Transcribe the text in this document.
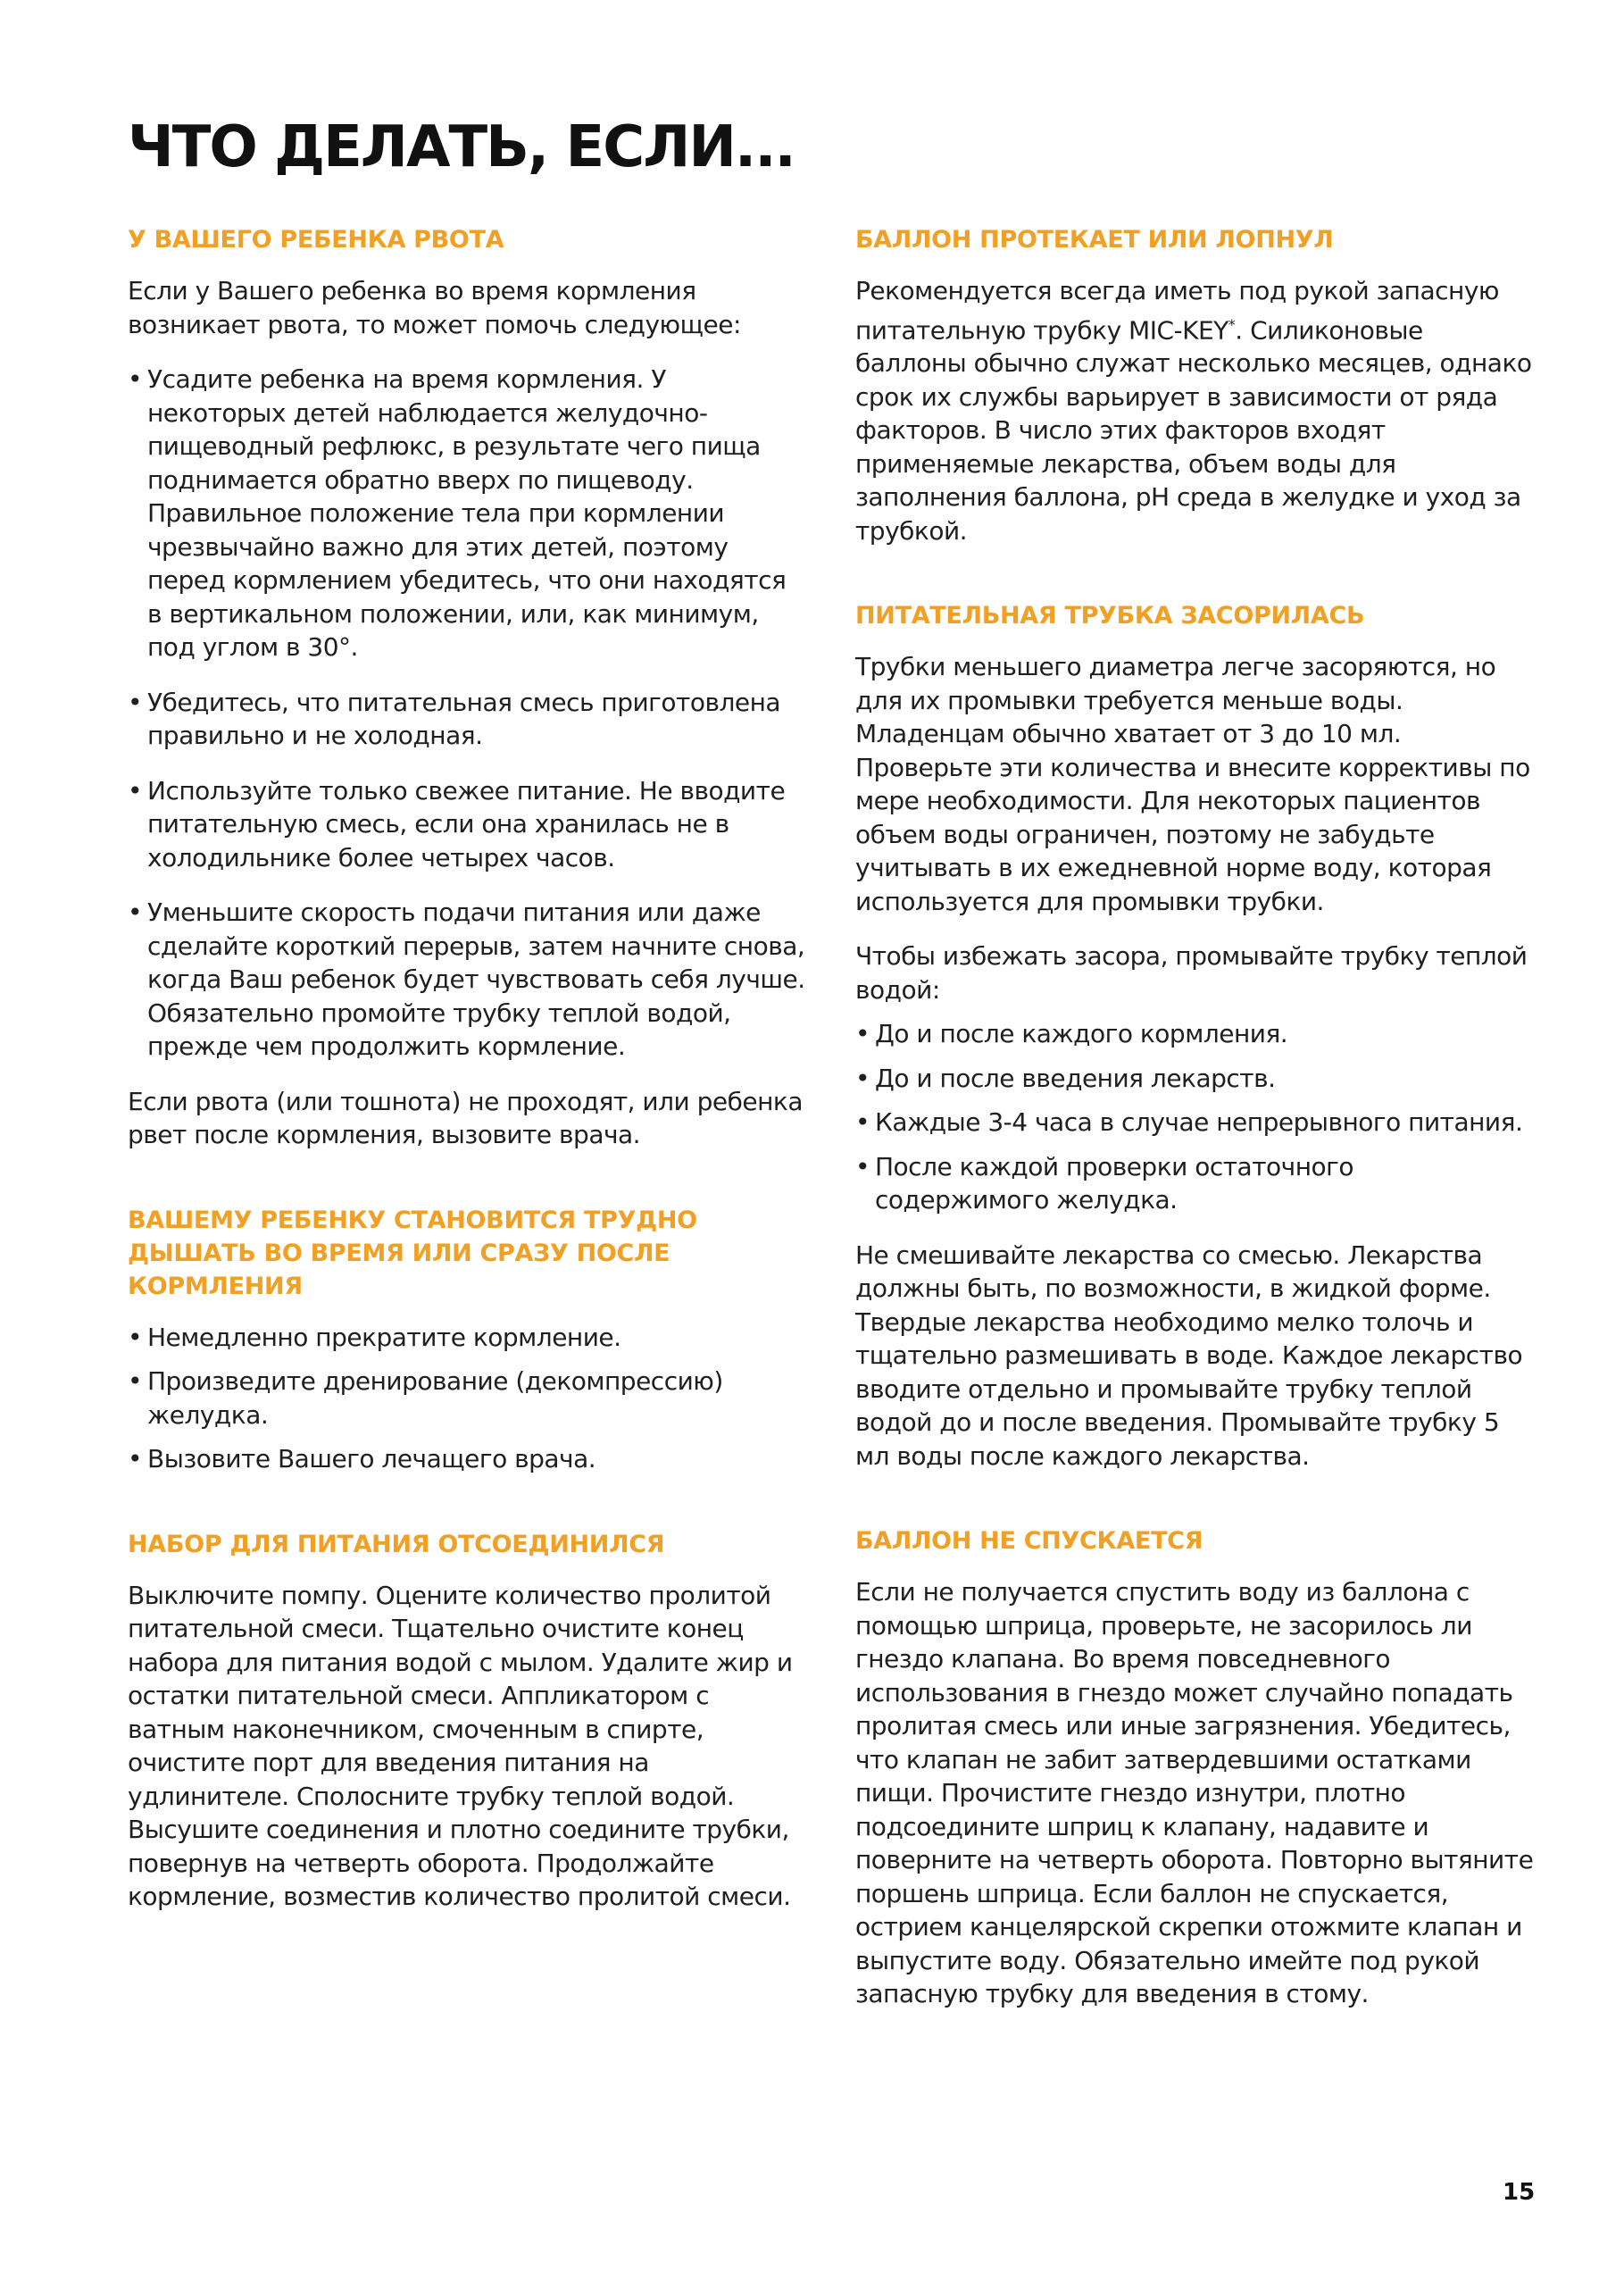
ЧТО ДЕЛАТЬ, ЕСЛИ...
У ВАШЕГО РЕБЕНКА РВОТА

Если у Вашего ребенка во время кормления возникает рвота, то может помочь следующее:

• Усадите ребенка на время кормления. У некоторых детей наблюдается желудочно-пищеводный рефлюкс, в результате чего пища поднимается обратно вверх по пищеводу. Правильное положение тела при кормлении чрезвычайно важно для этих детей, поэтому перед кормлением убедитесь, что они находятся в вертикальном положении, или, как минимум, под углом в 30°.
• Убедитесь, что питательная смесь приготовлена правильно и не холодная.
• Используйте только свежее питание. Не вводите питательную смесь, если она хранилась не в холодильнике более четырех часов.
• Уменьшите скорость подачи питания или даже сделайте короткий перерыв, затем начните снова, когда Ваш ребенок будет чувствовать себя лучше. Обязательно промойте трубку теплой водой, прежде чем продолжить кормление.

Если рвота (или тошнота) не проходят, или ребенка рвет после кормления, вызовите врача.

ВАШЕМУ РЕБЕНКУ СТАНОВИТСЯ ТРУДНО ДЫШАТЬ ВО ВРЕМЯ ИЛИ СРАЗУ ПОСЛЕ КОРМЛЕНИЯ
• Немедленно прекратите кормление.
• Произведите дренирование (декомпрессию) желудка.
• Вызовите Вашего лечащего врача.
НАБОР ДЛЯ ПИТАНИЯ ОТСОЕДИНИЛСЯ

Выключите помпу. Оцените количество пролитой питательной смеси. Тщательно очистите конец набора для питания водой с мылом. Удалите жир и остатки питательной смеси. Аппликатором с ватным наконечником, смоченным в спирте, очистите порт для введения питания на удлинителе. Сполосните трубку теплой водой. Высушите соединения и плотно соедините трубки, повернув на четверть оборота. Продолжайте кормление, возместив количество пролитой смеси.

БАЛЛОН ПРОТЕКАЕТ ИЛИ ЛОПНУЛ

Рекомендуется всегда иметь под рукой запасную питательную трубку MIC-KEY*. Силиконовые баллоны обычно служат несколько месяцев, однако срок их службы варьирует в зависимости от ряда факторов. В число этих факторов входят применяемые лекарства, объем воды для заполнения баллона, pH среда в желудке и уход за трубкой.

ПИТАТЕЛЬНАЯ ТРУБКА ЗАСОРИЛАСЬ

Трубки меньшего диаметра легче засоряются, но для их промывки требуется меньше воды. Младенцам обычно хватает от 3 до 10 мл. Проверьте эти количества и внесите коррективы по мере необходимости. Для некоторых пациентов объем воды ограничен, поэтому не забудьте учитывать в их ежедневной норме воду, которая используется для промывки трубки.

Чтобы избежать засора, промывайте трубку теплой водой:

• До и после каждого кормления.
• До и после введения лекарств.
• Каждые 3-4 часа в случае непрерывного питания.
• После каждой проверки остаточного содержимого желудка.

Не смешивайте лекарства со смесью. Лекарства должны быть, по возможности, в жидкой форме. Твердые лекарства необходимо мелко толочь и тщательно размешивать в воде. Каждое лекарство вводите отдельно и промывайте трубку теплой водой до и после введения. Промывайте трубку 5 мл воды после каждого лекарства.

БАЛЛОН НЕ СПУСКАЕТСЯ

Если не получается спустить воду из баллона с помощью шприца, проверьте, не засорилось ли гнездо клапана. Во время повседневного использования в гнездо может случайно попадать пролитая смесь или иные загрязнения. Убедитесь, что клапан не забит затвердевшими остатками пищи. Прочистите гнездо изнутри, плотно подсоедините шприц к клапану, надавите и поверните на четверть оборота. Повторно вытяните поршень шприца. Если баллон не спускается, острием канцелярской скрепки отожмите клапан и выпустите воду. Обязательно имейте под рукой запасную трубку для введения в стому.

15
